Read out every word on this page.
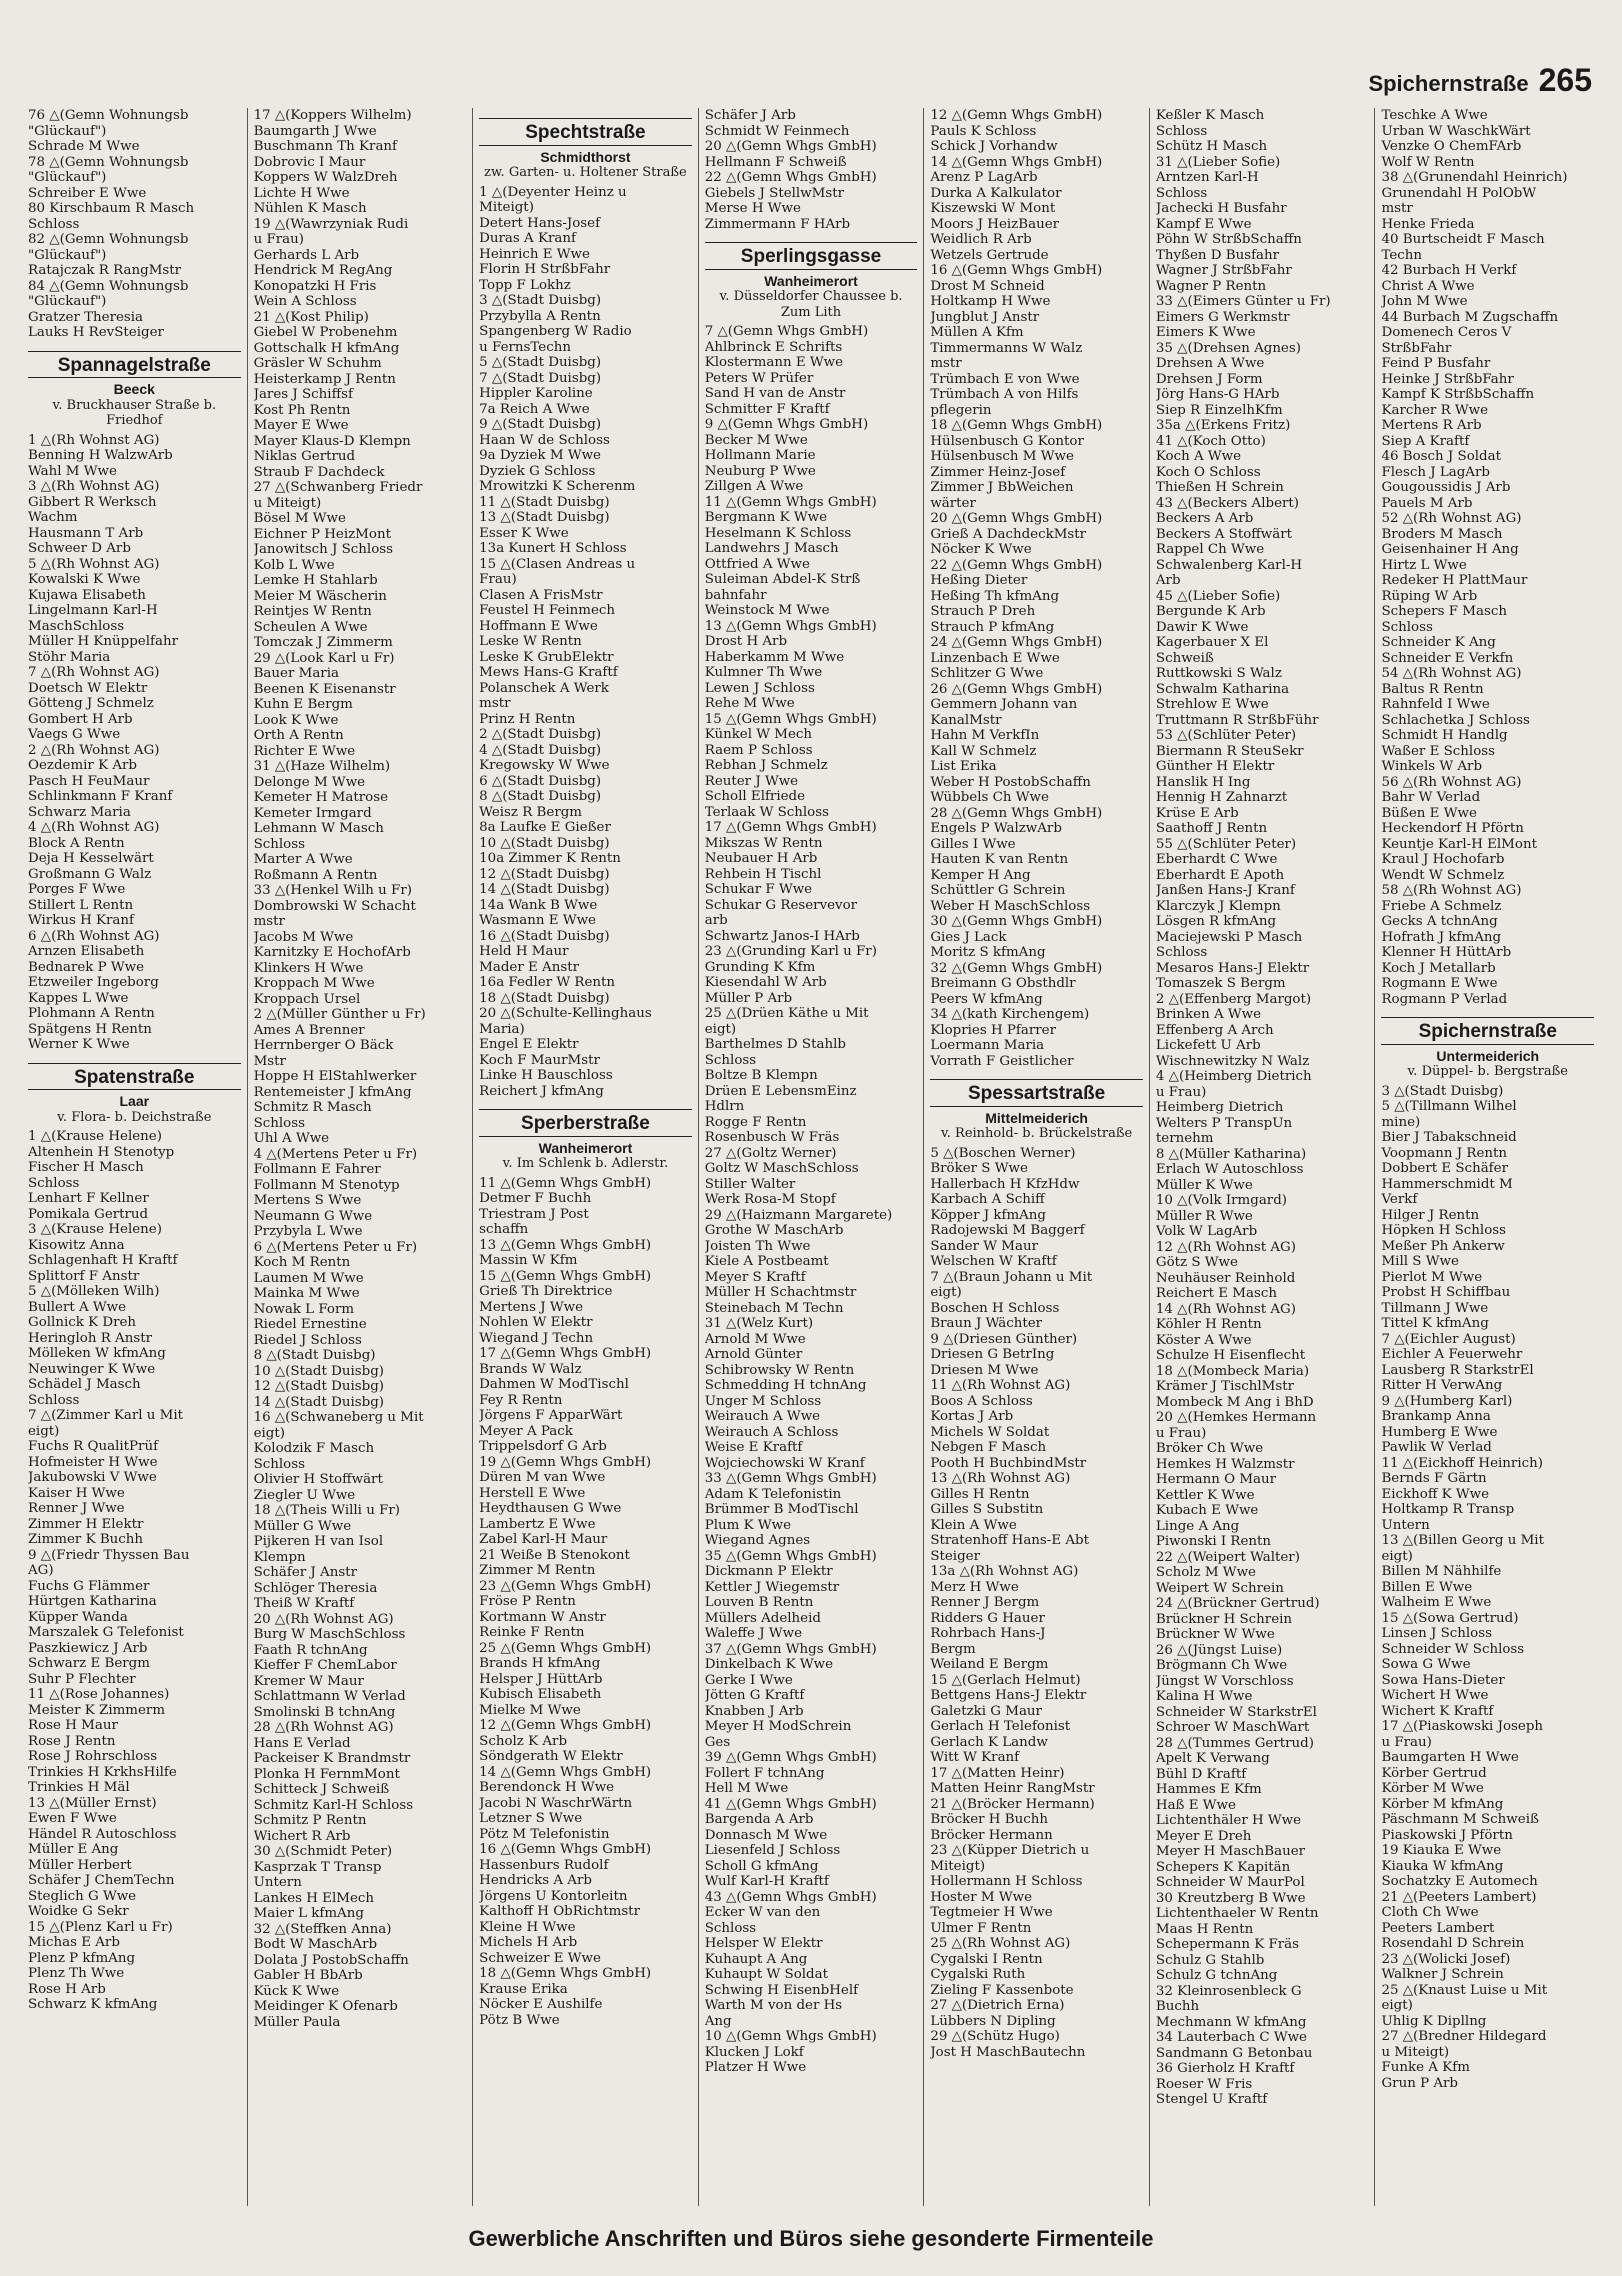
Spichernstraße 265
76 △(Gemn Wohnungsb
"Glückauf")
Schrade M Wwe
78 △(Gemn Wohnungsb
"Glückauf")
Schreiber E Wwe
80 Kirschbaum R Masch
Schloss
82 △(Gemn Wohnungsb
"Glückauf")
Ratajczak R RangMstr
84 △(Gemn Wohnungsb
"Glückauf")
Gratzer Theresia
Lauks H RevSteiger
Spannagelstraße
Beeck
v. Bruckhauser Straße b. Friedhof
1 △(Rh Wohnst AG)
Benning H WalzwArb
Wahl M Wwe
3 △(Rh Wohnst AG)
Gibbert R Werksch
Wachm
Hausmann T Arb
Schweer D Arb
5 △(Rh Wohnst AG)
Kowalski K Wwe
Kujawa Elisabeth
Lingelmann Karl-H
MaschSchloss
Müller H Knüppelfahr
Stöhr Maria
7 △(Rh Wohnst AG)
Doetsch W Elektr
Götteng J Schmelz
Gombert H Arb
Vaegs G Wwe
2 △(Rh Wohnst AG)
Oezdemir K Arb
Pasch H FeuMaur
Schlinkmann F Kranf
Schwarz Maria
4 △(Rh Wohnst AG)
Block A Rentn
Deja H Kesselwärt
Großmann G Walz
Porges F Wwe
Stillert L Rentn
Wirkus H Kranf
6 △(Rh Wohnst AG)
Arnzen Elisabeth
Bednarek P Wwe
Etzweiler Ingeborg
Kappes L Wwe
Plohmann A Rentn
Spätgens H Rentn
Werner K Wwe
Spatenstraße
Laar
v. Flora- b. Deichstraße
1 △(Krause Helene)
Altenhein H Stenotyp
Fischer H Masch
Schloss
Lenhart F Kellner
Pomikala Gertrud
3 △(Krause Helene)
Kisowitz Anna
Schlagenhaft H Kraftf
Splittorf F Anstr
5 △(Mölleken Wilh)
Bullert A Wwe
Gollnick K Dreh
Heringloh R Anstr
Mölleken W kfmAng
Neuwinger K Wwe
Schädel J Masch
Schloss
7 △(Zimmer Karl u Mit
eigt)
Fuchs R QualitPrüf
Hofmeister H Wwe
Jakubowski V Wwe
Kaiser H Wwe
Renner J Wwe
Zimmer H Elektr
Zimmer K Buchh
9 △(Friedr Thyssen Bau
AG)
Fuchs G Flämmer
Hürtgen Katharina
Küpper Wanda
Marszalek G Telefonist
Paszkiewicz J Arb
Schwarz E Bergm
Suhr P Flechter
11 △(Rose Johannes)
Meister K Zimmerm
Rose H Maur
Rose J Rentn
Rose J Rohrschloss
Trinkies H KrkhsHilfe
Trinkies H Mäl
13 △(Müller Ernst)
Ewen F Wwe
Händel R Autoschloss
Müller E Ang
Müller Herbert
Schäfer J ChemTechn
Steglich G Wwe
Woidke G Sekr
15 △(Plenz Karl u Fr)
Michas E Arb
Plenz P kfmAng
Plenz Th Wwe
Rose H Arb
Schwarz K kfmAng
17 △(Koppers Wilhelm)
Baumgarth J Wwe
Buschmann Th Kranf
Dobrovic I Maur
Koppers W WalzDreh
Lichte H Wwe
Nühlen K Masch
19 △(Wawrzyniak Rudi
u Frau)
Gerhards L Arb
Hendrick M RegAng
Konopatzki H Fris
Wein A Schloss
21 △(Kost Philip)
Giebel W Probenehm
Gottschalk H kfmAng
Gräsler W Schuhm
Heisterkamp J Rentn
Jares J Schiffsf
Kost Ph Rentn
Mayer E Wwe
Mayer Klaus-D Klempn
Niklas Gertrud
Straub F Dachdeck
27 △(Schwanberg Friedr
u Miteigt)
Bösel M Wwe
Eichner P HeizMont
Janowitsch J Schloss
Kolb L Wwe
Lemke H Stahlarb
Meier M Wäscherin
Reintjes W Rentn
Scheulen A Wwe
Tomczak J Zimmerm
29 △(Look Karl u Fr)
Bauer Maria
Beenen K Eisenanstr
Kuhn E Bergm
Look K Wwe
Orth A Rentn
Richter E Wwe
31 △(Haze Wilhelm)
Delonge M Wwe
Kemeter H Matrose
Kemeter Irmgard
Lehmann W Masch
Schloss
Marter A Wwe
Roßmann A Rentn
33 △(Henkel Wilh u Fr)
Dombrowski W Schacht
mstr
Jacobs M Wwe
Karnitzky E HochofArb
Klinkers H Wwe
Kroppach M Wwe
Kroppach Ursel
2 △(Müller Günther u Fr)
Ames A Brenner
Herrnberger O Bäck
Mstr
Hoppe H ElStahlwerker
Rentemeister J kfmAng
Schmitz R Masch
Schloss
Uhl A Wwe
4 △(Mertens Peter u Fr)
Follmann E Fahrer
Follmann M Stenotyp
Mertens S Wwe
Neumann G Wwe
Przybyla L Wwe
6 △(Mertens Peter u Fr)
Koch M Rentn
Laumen M Wwe
Mainka M Wwe
Nowak L Form
Riedel Ernestine
Riedel J Schloss
8 △(Stadt Duisbg)
10 △(Stadt Duisbg)
12 △(Stadt Duisbg)
14 △(Stadt Duisbg)
16 △(Schwaneberg u Mit
eigt)
Kolodzik F Masch
Schloss
Olivier H Stoffwärt
Ziegler U Wwe
18 △(Theis Willi u Fr)
Müller G Wwe
Pijkeren H van Isol
Klempn
Schäfer J Anstr
Schlöger Theresia
Theiß W Kraftf
20 △(Rh Wohnst AG)
Burg W MaschSchloss
Faath R tchnAng
Kieffer F ChemLabor
Kremer W Maur
Schlattmann W Verlad
Smolinski B tchnAng
28 △(Rh Wohnst AG)
Hans E Verlad
Packeiser K Brandmstr
Plonka H FernmMont
Schitteck J Schweiß
Schmitz Karl-H Schloss
Schmitz P Rentn
Wichert R Arb
30 △(Schmidt Peter)
Kasprzak T Transp
Untern
Lankes H ElMech
Maier L kfmAng
32 △(Steffken Anna)
Bodt W MaschArb
Dolata J PostobSchaffn
Gabler H BbArb
Kück K Wwe
Meidinger K Ofenarb
Müller Paula
Spechtstraße
Schmidthorst
zw. Garten- u. Holtener Straße
1 △(Deyenter Heinz u
Miteigt)
Detert Hans-Josef
Duras A Kranf
Heinrich E Wwe
Florin H StrßbFahr
Topp F Lokhz
3 △(Stadt Duisbg)
Przybylla A Rentn
Spangenberg W Radio
u FernsTechn
5 △(Stadt Duisbg)
7 △(Stadt Duisbg)
Hippler Karoline
7a Reich A Wwe
9 △(Stadt Duisbg)
Haan W de Schloss
9a Dyziek M Wwe
Dyziek G Schloss
Mrowitzki K Scherenm
11 △(Stadt Duisbg)
13 △(Stadt Duisbg)
Esser K Wwe
13a Kunert H Schloss
15 △(Clasen Andreas u
Frau)
Clasen A FrisMstr
Feustel H Feinmech
Hoffmann E Wwe
Leske W Rentn
Leske K GrubElektr
Mews Hans-G Kraftf
Polanschek A Werk
mstr
Prinz H Rentn
2 △(Stadt Duisbg)
4 △(Stadt Duisbg)
Kregowsky W Wwe
6 △(Stadt Duisbg)
8 △(Stadt Duisbg)
Weisz R Bergm
8a Laufke E Gießer
10 △(Stadt Duisbg)
10a Zimmer K Rentn
12 △(Stadt Duisbg)
14 △(Stadt Duisbg)
14a Wank B Wwe
Wasmann E Wwe
16 △(Stadt Duisbg)
Held H Maur
Mader E Anstr
16a Fedler W Rentn
18 △(Stadt Duisbg)
20 △(Schulte-Kellinghaus
Maria)
Engel E Elektr
Koch F MaurMstr
Linke H Bauschloss
Reichert J kfmAng
Sperberstraße
Wanheimerort
v. Im Schlenk b. Adlerstr.
11 △(Gemn Whgs GmbH)
Detmer F Buchh
Triestram J Post
schaffn
13 △(Gemn Whgs GmbH)
Massin W Kfm
15 △(Gemn Whgs GmbH)
Grieß Th Direktrice
Mertens J Wwe
Nohlen W Elektr
Wiegand J Techn
17 △(Gemn Whgs GmbH)
Brands W Walz
Dahmen W ModTischl
Fey R Rentn
Jörgens F ApparWärt
Meyer A Pack
Trippelsdorf G Arb
19 △(Gemn Whgs GmbH)
Düren M van Wwe
Herstell E Wwe
Heydthausen G Wwe
Lambertz E Wwe
Zabel Karl-H Maur
21 Weiße B Stenokont
Zimmer M Rentn
23 △(Gemn Whgs GmbH)
Fröse P Rentn
Kortmann W Anstr
Reinke F Rentn
25 △(Gemn Whgs GmbH)
Brands H kfmAng
Helsper J HüttArb
Kubisch Elisabeth
Mielke M Wwe
12 △(Gemn Whgs GmbH)
Scholz K Arb
Söndgerath W Elektr
14 △(Gemn Whgs GmbH)
Berendonck H Wwe
Jacobi N WaschrWärtn
Letzner S Wwe
Pötz M Telefonistin
16 △(Gemn Whgs GmbH)
Hassenburs Rudolf
Hendricks A Arb
Jörgens U Kontorleitn
Kalthoff H ObRichtmstr
Kleine H Wwe
Michels H Arb
Schweizer E Wwe
18 △(Gemn Whgs GmbH)
Krause Erika
Nöcker E Aushilfe
Pötz B Wwe
Schäfer J Arb
Schmidt W Feinmech
20 △(Gemn Whgs GmbH)
Hellmann F Schweiß
22 △(Gemn Whgs GmbH)
Giebels J StellwMstr
Merse H Wwe
Zimmermann F HArb
Sperlingsgasse
Wanheimerort
v. Düsseldorfer Chaussee b. Zum Lith
7 △(Gemn Whgs GmbH)
Ahlbrinck E Schrifts
Klostermann E Wwe
Peters W Prüfer
Sand H van de Anstr
Schmitter F Kraftf
9 △(Gemn Whgs GmbH)
Becker M Wwe
Hollmann Marie
Neuburg P Wwe
Zillgen A Wwe
11 △(Gemn Whgs GmbH)
Bergmann K Wwe
Heselmann K Schloss
Landwehrs J Masch
Ottfried A Wwe
Suleiman Abdel-K Strß
bahnfahr
Weinstock M Wwe
13 △(Gemn Whgs GmbH)
Drost H Arb
Haberkamm M Wwe
Kulmner Th Wwe
Lewen J Schloss
Rehe M Wwe
15 △(Gemn Whgs GmbH)
Künkel W Mech
Raem P Schloss
Rebhan J Schmelz
Reuter J Wwe
Scholl Elfriede
Terlaak W Schloss
17 △(Gemn Whgs GmbH)
Mikszas W Rentn
Neubauer H Arb
Rehbein H Tischl
Schukar F Wwe
Schukar G Reservevor
arb
Schwartz Janos-I HArb
23 △(Grunding Karl u Fr)
Grunding K Kfm
Kiesendahl W Arb
Müller P Arb
25 △(Drüen Käthe u Mit
eigt)
Barthelmes D Stahlb
Schloss
Boltze B Klempn
Drüen E LebensmEinz
Hdlrn
Rogge F Rentn
Rosenbusch W Fräs
27 △(Goltz Werner)
Goltz W MaschSchloss
Stiller Walter
Werk Rosa-M Stopf
29 △(Haizmann Margarete)
Grothe W MaschArb
Joisten Th Wwe
Kiele A Postbeamt
Meyer S Kraftf
Müller H Schachtmstr
Steinebach M Techn
31 △(Welz Kurt)
Arnold M Wwe
Arnold Günter
Schibrowsky W Rentn
Schmedding H tchnAng
Unger M Schloss
Weirauch A Wwe
Weirauch A Schloss
Weise E Kraftf
Wojciechowski W Kranf
33 △(Gemn Whgs GmbH)
Adam K Telefonistin
Brümmer B ModTischl
Plum K Wwe
Wiegand Agnes
35 △(Gemn Whgs GmbH)
Dickmann P Elektr
Kettler J Wiegemstr
Louven B Rentn
Müllers Adelheid
Waleffe J Wwe
37 △(Gemn Whgs GmbH)
Dinkelbach K Wwe
Gerke I Wwe
Jötten G Kraftf
Knabben J Arb
Meyer H ModSchrein
Ges
39 △(Gemn Whgs GmbH)
Follert F tchnAng
Hell M Wwe
41 △(Gemn Whgs GmbH)
Bargenda A Arb
Donnasch M Wwe
Liesenfeld J Schloss
Scholl G kfmAng
Wulf Karl-H Kraftf
43 △(Gemn Whgs GmbH)
Ecker W van den
Schloss
Helsper W Elektr
Kuhaupt A Ang
Kuhaupt W Soldat
Schwing H EisenbHelf
Warth M von der Hs
Ang
10 △(Gemn Whgs GmbH)
Klucken J Lokf
Platzer H Wwe
12 △(Gemn Whgs GmbH)
Pauls K Schloss
Schick J Vorhandw
14 △(Gemn Whgs GmbH)
Arenz P LagArb
Durka A Kalkulator
Kiszewski W Mont
Moors J HeizBauer
Weidlich R Arb
Wetzels Gertrude
16 △(Gemn Whgs GmbH)
Drost M Schneid
Holtkamp H Wwe
Jungblut J Anstr
Müllen A Kfm
Timmermanns W Walz
mstr
Trümbach E von Wwe
Trümbach A von Hilfs
pflegerin
18 △(Gemn Whgs GmbH)
Hülsenbusch G Kontor
Hülsenbusch M Wwe
Zimmer Heinz-Josef
Zimmer J BbWeichen
wärter
20 △(Gemn Whgs GmbH)
Grieß A DachdeckMstr
Nöcker K Wwe
22 △(Gemn Whgs GmbH)
Heßing Dieter
Heßing Th kfmAng
Strauch P Dreh
Strauch P kfmAng
24 △(Gemn Whgs GmbH)
Linzenbach E Wwe
Schlitzer G Wwe
26 △(Gemn Whgs GmbH)
Gemmern Johann van
KanalMstr
Hahn M VerkfIn
Kall W Schmelz
List Erika
Weber H PostobSchaffn
Wübbels Ch Wwe
28 △(Gemn Whgs GmbH)
Engels P WalzwArb
Gilles I Wwe
Hauten K van Rentn
Kemper H Ang
Schüttler G Schrein
Weber H MaschSchloss
30 △(Gemn Whgs GmbH)
Gies J Lack
Moritz S kfmAng
32 △(Gemn Whgs GmbH)
Breimann G Obsthdlr
Peers W kfmAng
34 △(kath Kirchengem)
Klopries H Pfarrer
Loermann Maria
Vorrath F Geistlicher
Spessartstraße
Mittelmeiderich
v. Reinhold- b. Brückelstraße
5 △(Boschen Werner)
Bröker S Wwe
Hallerbach H KfzHdw
Karbach A Schiff
Köpper J kfmAng
Radojewski M Baggerf
Sander W Maur
Welschen W Kraftf
7 △(Braun Johann u Mit
eigt)
Boschen H Schloss
Braun J Wächter
9 △(Driesen Günther)
Driesen G BetrIng
Driesen M Wwe
11 △(Rh Wohnst AG)
Boos A Schloss
Kortas J Arb
Michels W Soldat
Nebgen F Masch
Pooth H BuchbindMstr
13 △(Rh Wohnst AG)
Gilles H Rentn
Gilles S Substitn
Klein A Wwe
Stratenhoff Hans-E Abt
Steiger
13a △(Rh Wohnst AG)
Merz H Wwe
Renner J Bergm
Ridders G Hauer
Rohrbach Hans-J
Bergm
Weiland E Bergm
15 △(Gerlach Helmut)
Bettgens Hans-J Elektr
Galetzki G Maur
Gerlach H Telefonist
Gerlach K Landw
Witt W Kranf
17 △(Matten Heinr)
Matten Heinr RangMstr
21 △(Bröcker Hermann)
Bröcker H Buchh
Bröcker Hermann
23 △(Küpper Dietrich u
Miteigt)
Hollermann H Schloss
Hoster M Wwe
Tegtmeier H Wwe
Ulmer F Rentn
25 △(Rh Wohnst AG)
Cygalski I Rentn
Cygalski Ruth
Zieling F Kassenbote
27 △(Dietrich Erna)
Lübbers N Dipling
29 △(Schütz Hugo)
Jost H MaschBautechn
Keßler K Masch
Schloss
Schütz H Masch
31 △(Lieber Sofie)
Arntzen Karl-H
Schloss
Jachecki H Busfahr
Kampf E Wwe
Pöhn W StrßbSchaffn
Thyßen D Busfahr
Wagner J StrßbFahr
Wagner P Rentn
33 △(Eimers Günter u Fr)
Eimers G Werkmstr
Eimers K Wwe
35 △(Drehsen Agnes)
Drehsen A Wwe
Drehsen J Form
Jörg Hans-G HArb
Siep R EinzelhKfm
35a △(Erkens Fritz)
41 △(Koch Otto)
Koch A Wwe
Koch O Schloss
Thießen H Schrein
43 △(Beckers Albert)
Beckers A Arb
Beckers A Stoffwärt
Rappel Ch Wwe
Schwalenberg Karl-H
Arb
45 △(Lieber Sofie)
Bergunde K Arb
Dawir K Wwe
Kagerbauer X El
Schweiß
Ruttkowski S Walz
Schwalm Katharina
Strehlow E Wwe
Truttmann R StrßbFühr
53 △(Schlüter Peter)
Biermann R SteuSekr
Günther H Elektr
Hanslik H Ing
Hennig H Zahnarzt
Krüse E Arb
Saathoff J Rentn
55 △(Schlüter Peter)
Eberhardt C Wwe
Eberhardt E Apoth
Janßen Hans-J Kranf
Klarczyk J Klempn
Lösgen R kfmAng
Maciejewski P Masch
Schloss
Mesaros Hans-J Elektr
Tomaszek S Bergm
2 △(Effenberg Margot)
Brinken A Wwe
Effenberg A Arch
Lickefett U Arb
Wischnewitzky N Walz
4 △(Heimberg Dietrich
u Frau)
Heimberg Dietrich
Welters P TranspUn
ternehm
8 △(Müller Katharina)
Erlach W Autoschloss
Müller K Wwe
10 △(Volk Irmgard)
Müller R Wwe
Volk W LagArb
12 △(Rh Wohnst AG)
Götz S Wwe
Neuhäuser Reinhold
Reichert E Masch
14 △(Rh Wohnst AG)
Köhler H Rentn
Köster A Wwe
Schulze H Eisenflecht
18 △(Mombeck Maria)
Krämer J TischlMstr
Mombeck M Ang i BhD
20 △(Hemkes Hermann
u Frau)
Bröker Ch Wwe
Hemkes H Walzmstr
Hermann O Maur
Kettler K Wwe
Kubach E Wwe
Linge A Ang
Piwonski I Rentn
22 △(Weipert Walter)
Scholz M Wwe
Weipert W Schrein
24 △(Brückner Gertrud)
Brückner H Schrein
Brückner W Wwe
26 △(Jüngst Luise)
Brögmann Ch Wwe
Jüngst W Vorschloss
Kalina H Wwe
Schneider W StarkstrEl
Schroer W MaschWart
28 △(Tummes Gertrud)
Apelt K Verwang
Bühl D Kraftf
Hammes E Kfm
Haß E Wwe
Lichtenthäler H Wwe
Meyer E Dreh
Meyer H MaschBauer
Schepers K Kapitän
Schneider W MaurPol
30 Kreutzberg B Wwe
Lichtenthaeler W Rentn
Maas H Rentn
Schepermann K Fräs
Schulz G Stahlb
Schulz G tchnAng
32 Kleinrosenbleck G
Buchh
Mechmann W kfmAng
34 Lauterbach C Wwe
Sandmann G Betonbau
36 Gierholz H Kraftf
Roeser W Fris
Stengel U Kraftf
Teschke A Wwe
Urban W WaschkWärt
Venzke O ChemFArb
Wolf W Rentn
38 △(Grunendahl Heinrich)
Grunendahl H PolObW
mstr
Henke Frieda
40 Burtscheidt F Masch
Techn
42 Burbach H Verkf
Christ A Wwe
John M Wwe
44 Burbach M Zugschaffn
Domenech Ceros V
StrßbFahr
Feind P Busfahr
Heinke J StrßbFahr
Kampf K StrßbSchaffn
Karcher R Wwe
Mertens R Arb
Siep A Kraftf
46 Bosch J Soldat
Flesch J LagArb
Gougoussidis J Arb
Pauels M Arb
52 △(Rh Wohnst AG)
Broders M Masch
Geisenhainer H Ang
Hirtz L Wwe
Redeker H PlattMaur
Rüping W Arb
Schepers F Masch
Schloss
Schneider K Ang
Schneider E Verkfn
54 △(Rh Wohnst AG)
Baltus R Rentn
Rahnfeld I Wwe
Schlachetka J Schloss
Schmidt H Handlg
Waßer E Schloss
Winkels W Arb
56 △(Rh Wohnst AG)
Bahr W Verlad
Büßen E Wwe
Heckendorf H Pförtn
Keuntje Karl-H ElMont
Kraul J Hochofarb
Wendt W Schmelz
58 △(Rh Wohnst AG)
Friebe A Schmelz
Gecks A tchnAng
Hofrath J kfmAng
Klenner H HüttArb
Koch J Metallarb
Rogmann E Wwe
Rogmann P Verlad
Spichernstraße
Untermeiderich
v. Düppel- b. Bergstraße
3 △(Stadt Duisbg)
5 △(Tillmann Wilhel
mine)
Bier J Tabakschneid
Voopmann J Rentn
Dobbert E Schäfer
Hammerschmidt M
Verkf
Hilger J Rentn
Höpken H Schloss
Meßer Ph Ankerw
Mill S Wwe
Pierlot M Wwe
Probst H Schiffbau
Tillmann J Wwe
Tittel K kfmAng
7 △(Eichler August)
Eichler A Feuerwehr
Lausberg R StarkstrEl
Ritter H VerwAng
9 △(Humberg Karl)
Brankamp Anna
Humberg E Wwe
Pawlik W Verlad
11 △(Eickhoff Heinrich)
Bernds F Gärtn
Eickhoff K Wwe
Holtkamp R Transp
Untern
13 △(Billen Georg u Mit
eigt)
Billen M Nähhilfe
Billen E Wwe
Walheim E Wwe
15 △(Sowa Gertrud)
Linsen J Schloss
Schneider W Schloss
Sowa G Wwe
Sowa Hans-Dieter
Wichert H Wwe
Wichert K Kraftf
17 △(Piaskowski Joseph
u Frau)
Baumgarten H Wwe
Körber Gertrud
Körber M Wwe
Körber M kfmAng
Päschmann M Schweiß
Piaskowski J Pförtn
19 Kiauka E Wwe
Kiauka W kfmAng
Sochatzky E Automech
21 △(Peeters Lambert)
Cloth Ch Wwe
Peeters Lambert
Rosendahl D Schrein
23 △(Wolicki Josef)
Walkner J Schrein
25 △(Knaust Luise u Mit
eigt)
Uhlig K Dipllng
27 △(Bredner Hildegard
u Miteigt)
Funke A Kfm
Grun P Arb
Gewerbliche Anschriften und Büros siehe gesonderte Firmenteile
